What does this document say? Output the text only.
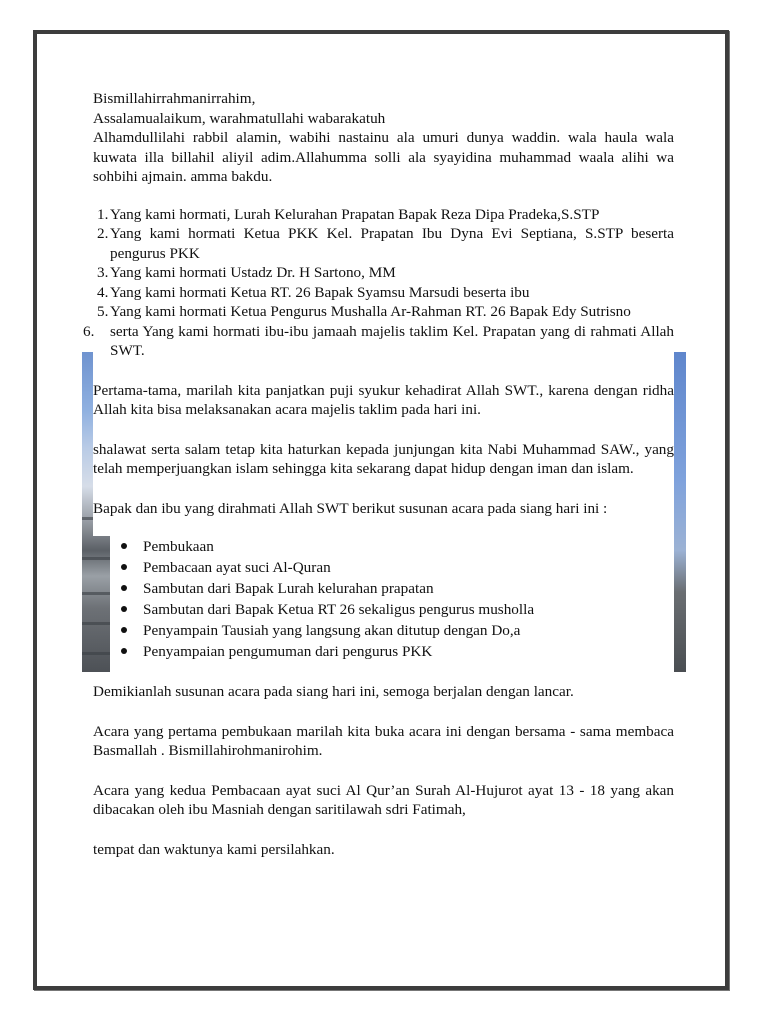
Bismillahirrahmanirrahim,

Assalamualaikum, warahmatullahi wabarakatuh

Alhamdullilahi rabbil alamin, wabihi nastainu ala umuri dunya waddin. wala haula wala kuwata illa billahil aliyil adim.Allahumma solli ala syayidina muhammad waala alihi wa sohbihi ajmain. amma bakdu.

1. Yang kami hormati, Lurah Kelurahan Prapatan Bapak Reza Dipa Pradeka,S.STP
2. Yang kami hormati Ketua PKK Kel. Prapatan Ibu Dyna Evi Septiana, S.STP beserta pengurus PKK
3. Yang kami hormati Ustadz Dr. H Sartono, MM
4. Yang kami hormati Ketua RT. 26 Bapak Syamsu Marsudi beserta ibu
5. Yang kami hormati Ketua Pengurus Mushalla Ar-Rahman RT. 26 Bapak Edy Sutrisno
6. serta Yang kami hormati ibu-ibu jamaah majelis taklim Kel. Prapatan yang di rahmati Allah SWT.

Pertama-tama, marilah kita panjatkan puji syukur kehadirat Allah SWT., karena dengan ridha Allah kita bisa melaksanakan acara majelis taklim pada hari ini.

shalawat serta salam tetap kita haturkan kepada junjungan kita Nabi Muhammad SAW., yang telah memperjuangkan islam sehingga kita sekarang dapat hidup dengan iman dan islam.

Bapak dan ibu yang dirahmati Allah SWT berikut susunan acara pada siang hari ini :

Pembukaan
Pembacaan ayat suci Al-Quran
Sambutan dari Bapak Lurah kelurahan prapatan
Sambutan dari Bapak Ketua RT 26 sekaligus pengurus musholla
Penyampain Tausiah yang langsung akan ditutup dengan Do,a
Penyampaian pengumuman dari pengurus PKK

Demikianlah susunan acara pada siang hari ini, semoga berjalan dengan lancar.

Acara yang pertama pembukaan marilah kita buka acara ini dengan bersama - sama membaca Basmallah . Bismillahirohmanirohim.

Acara yang kedua Pembacaan ayat suci Al Qur’an Surah Al-Hujurot ayat 13 - 18 yang akan dibacakan oleh ibu Masniah dengan saritilawah sdri Fatimah,

tempat dan waktunya kami persilahkan.
